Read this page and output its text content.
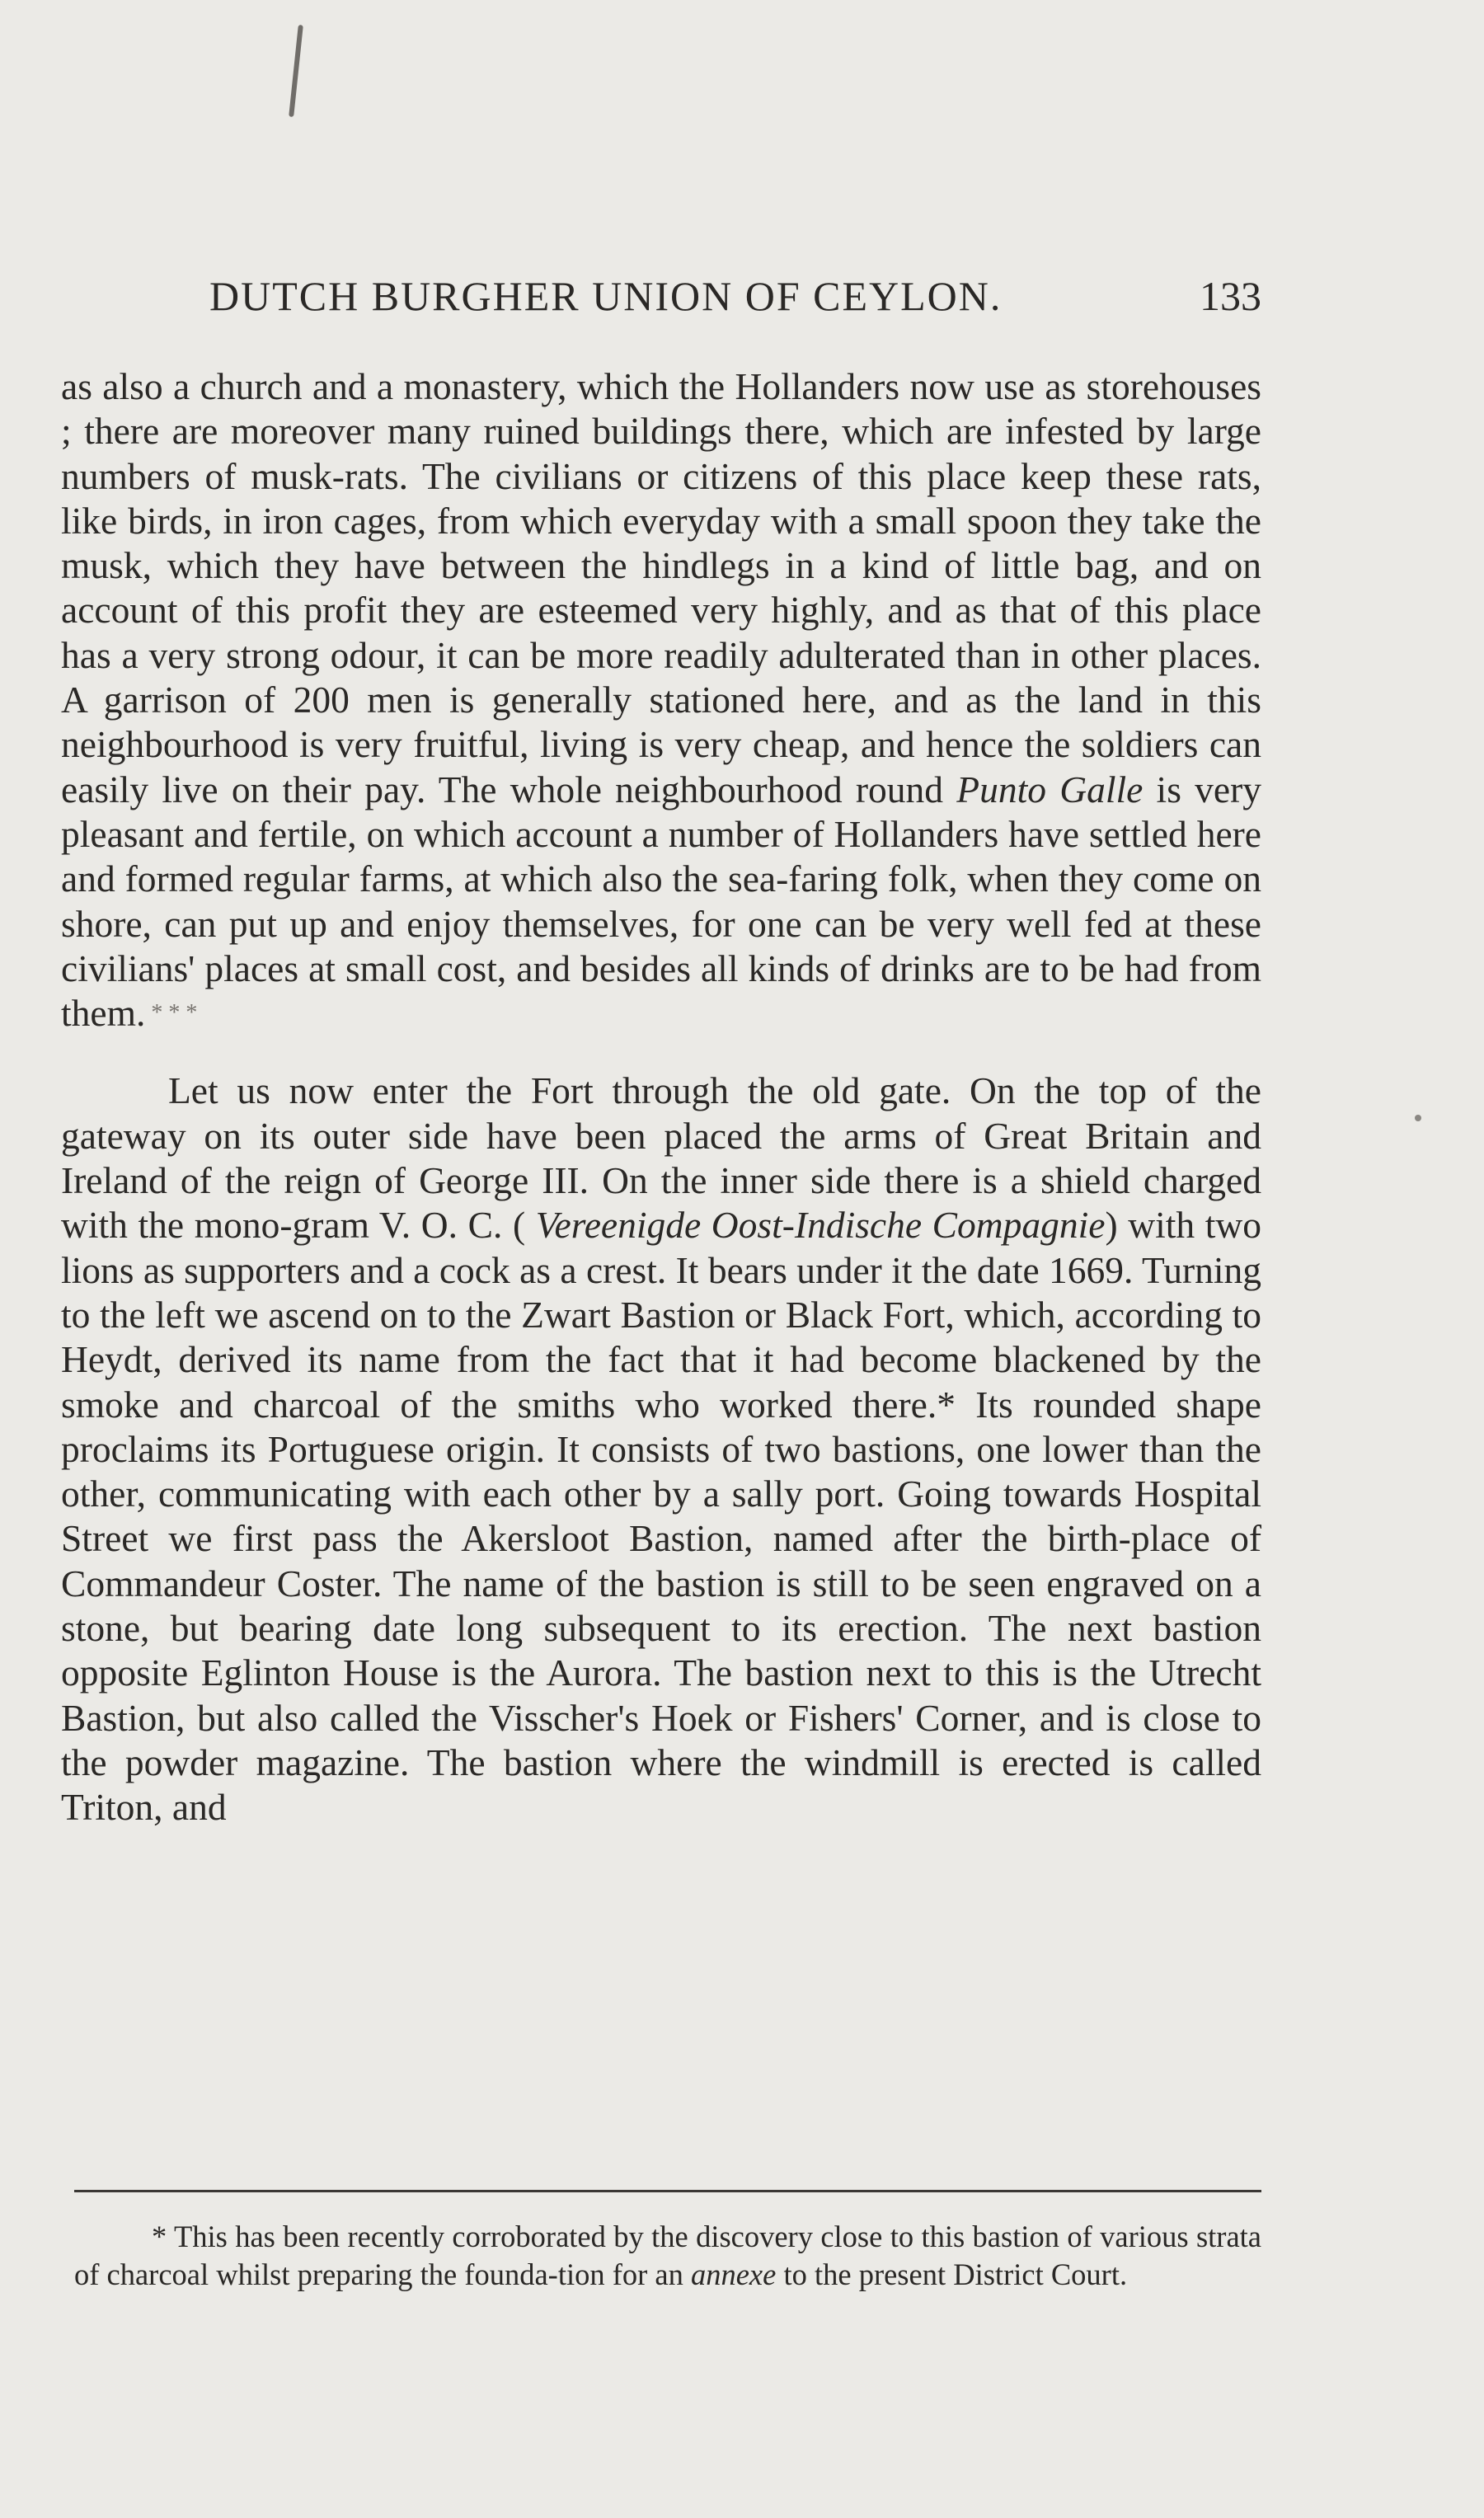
DUTCH BURGHER UNION OF CEYLON.	133

as also a church and a monastery, which the Hollanders now use as storehouses ; there are moreover many ruined buildings there, which are infested by large numbers of musk-rats. The civilians or citizens of this place keep these rats, like birds, in iron cages, from which everyday with a small spoon they take the musk, which they have between the hindlegs in a kind of little bag, and on account of this profit they are esteemed very highly, and as that of this place has a very strong odour, it can be more readily adulterated than in other places. A garrison of 200 men is generally stationed here, and as the land in this neighbourhood is very fruitful, living is very cheap, and hence the soldiers can easily live on their pay. The whole neighbourhood round Punto Galle is very pleasant and fertile, on which account a number of Hollanders have settled here and formed regular farms, at which also the sea-faring folk, when they come on shore, can put up and enjoy themselves, for one can be very well fed at these civilians' places at small cost, and besides all kinds of drinks are to be had from them. * * *

Let us now enter the Fort through the old gate. On the top of the gateway on its outer side have been placed the arms of Great Britain and Ireland of the reign of George III. On the inner side there is a shield charged with the mono-gram V. O. C. ( Vereenigde Oost-Indische Compagnie) with two lions as supporters and a cock as a crest. It bears under it the date 1669. Turning to the left we ascend on to the Zwart Bastion or Black Fort, which, according to Heydt, derived its name from the fact that it had become blackened by the smoke and charcoal of the smiths who worked there.* Its rounded shape proclaims its Portuguese origin. It consists of two bastions, one lower than the other, communicating with each other by a sally port. Going towards Hospital Street we first pass the Akersloot Bastion, named after the birth-place of Commandeur Coster. The name of the bastion is still to be seen engraved on a stone, but bearing date long subsequent to its erection. The next bastion opposite Eglinton House is the Aurora. The bastion next to this is the Utrecht Bastion, but also called the Visscher's Hoek or Fishers' Corner, and is close to the powder magazine. The bastion where the windmill is erected is called Triton, and

* This has been recently corroborated by the discovery close to this bastion of various strata of charcoal whilst preparing the founda-tion for an annexe to the present District Court.
